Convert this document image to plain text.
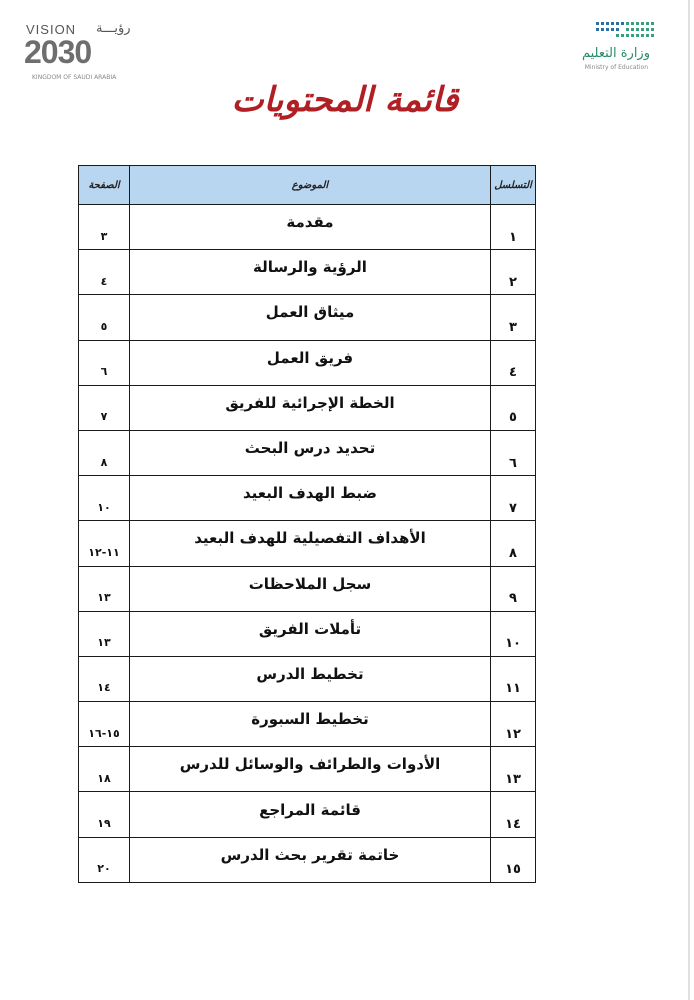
وزارة التعليم
Ministry of Education
VISION رؤيـــة
2030
KINGDOM OF SAUDI ARABIA
قائمة المحتويات
التسلسل	الموضوع	الصفحة

١	مقدمة	٣

٢	الرؤية والرسالة	٤

٣	ميثاق العمل	٥

٤	فريق العمل	٦

٥	الخطة الإجرائية للفريق	٧

٦	تحديد درس البحث	٨

٧	ضبط الهدف البعيد	١٠

٨	الأهداف التفصيلية للهدف البعيد	١١-١٢

٩	سجل الملاحظات	١٣

١٠	تأملات الفريق	١٣

١١	تخطيط الدرس	١٤

١٢	تخطيط السبورة	١٥-١٦

١٣	الأدوات والطرائف والوسائل للدرس	١٨

١٤	قائمة المراجع	١٩

١٥	خاتمة تقرير بحث الدرس	٢٠
